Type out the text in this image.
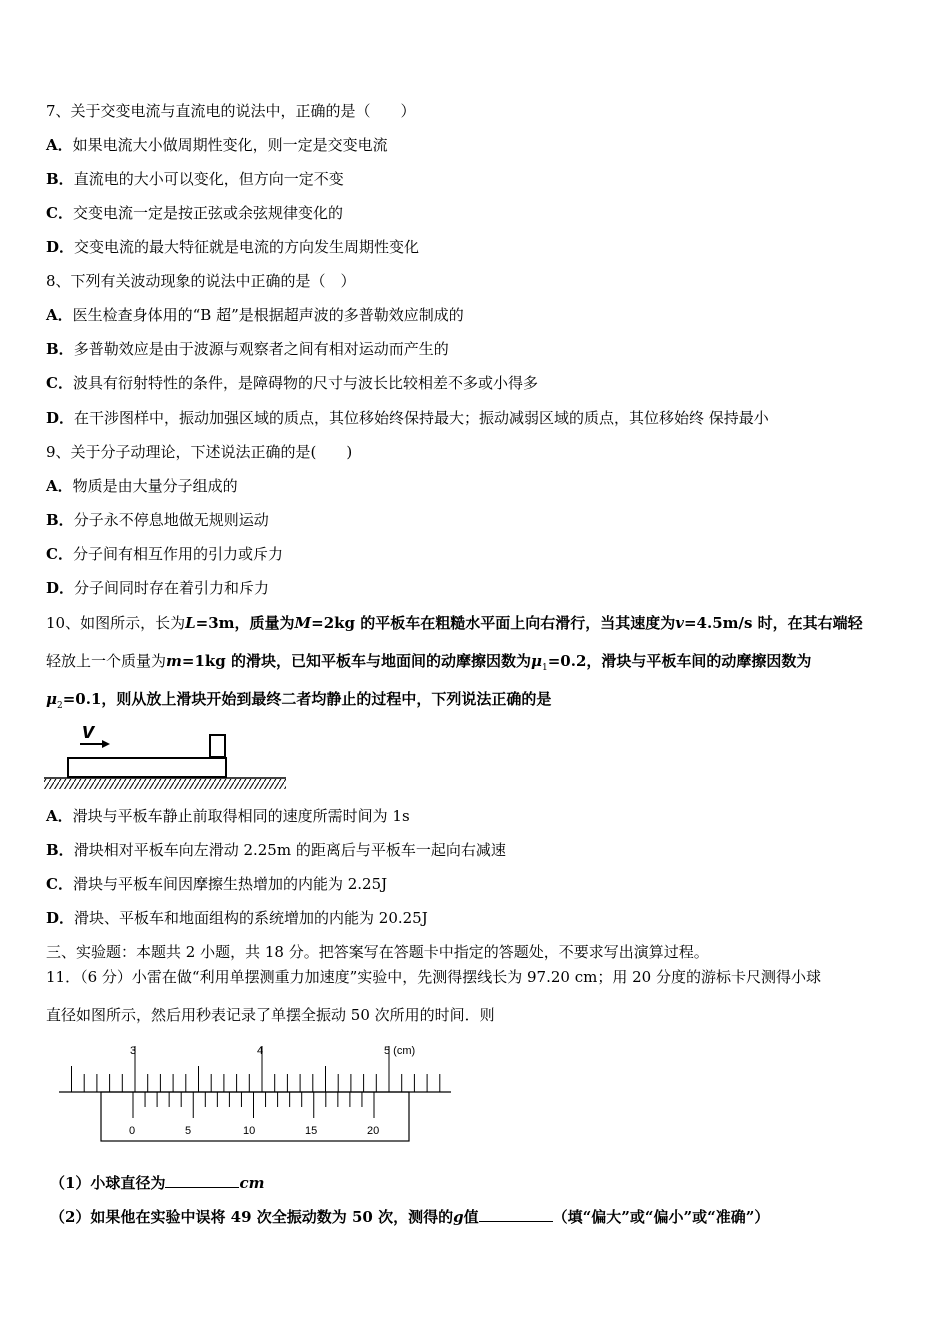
7、关于交变电流与直流电的说法中，正确的是（　　）
A．如果电流大小做周期性变化，则一定是交变电流
B．直流电的大小可以变化，但方向一定不变
C．交变电流一定是按正弦或余弦规律变化的
D．交变电流的最大特征就是电流的方向发生周期性变化
8、下列有关波动现象的说法中正确的是（　）
A．医生检查身体用的“B 超”是根据超声波的多普勒效应制成的
B．多普勒效应是由于波源与观察者之间有相对运动而产生的
C．波具有衍射特性的条件，是障碍物的尺寸与波长比较相差不多或小得多
D．在干涉图样中，振动加强区域的质点，其位移始终保持最大；振动减弱区域的质点，其位移始终 保持最小
9、关于分子动理论，下述说法正确的是(　　)
A．物质是由大量分子组成的
B．分子永不停息地做无规则运动
C．分子间有相互作用的引力或斥力
D．分子间同时存在着引力和斥力
10、如图所示，长为L=3m，质量为M=2kg 的平板车在粗糙水平面上向右滑行，当其速度为v=4.5m/s 时，在其右端轻
轻放上一个质量为m=1kg 的滑块，已知平板车与地面间的动摩擦因数为$\mu_1=0.2$，滑块与平板车间的动摩擦因数为
$\mu_2=0.1$，则从放上滑块开始到最终二者均静止的过程中，下列说法正确的是
v
A．滑块与平板车静止前取得相同的速度所需时间为 1s
B．滑块相对平板车向左滑动 2.25m 的距离后与平板车一起向右减速
C．滑块与平板车间因摩擦生热增加的内能为 2.25J
D．滑块、平板车和地面组构的系统增加的内能为 20.25J
三、实验题：本题共 2 小题，共 18 分。把答案写在答题卡中指定的答题处，不要求写出演算过程。
11．（6 分）小雷在做“利用单摆测重力加速度”实验中，先测得摆线长为 97.20 cm；用 20 分度的游标卡尺测得小球
直径如图所示，然后用秒表记录了单摆全振动 50 次所用的时间．则
3	4	5 (cm)
0	5	10	15	20
（1）小球直径为	cm
（2）如果他在实验中误将 49 次全振动数为 50 次，测得的g值	（填“偏大”或“偏小”或“准确”）
